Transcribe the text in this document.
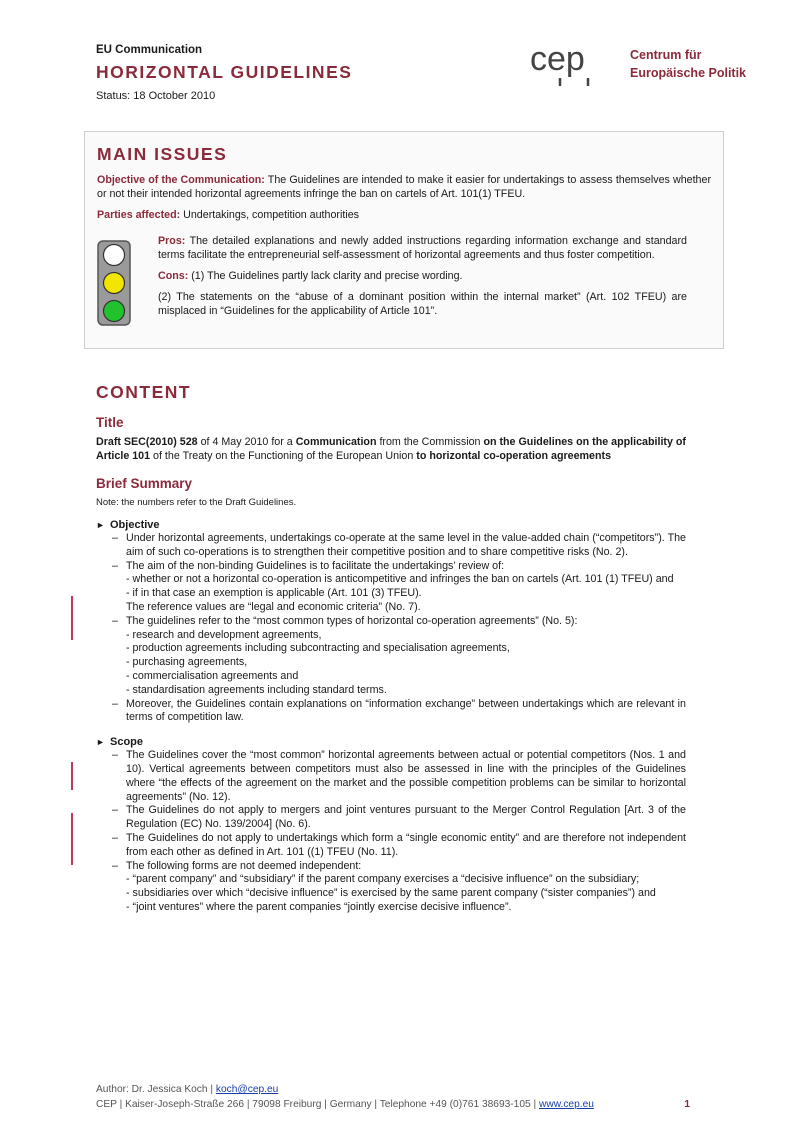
EU Communication
HORIZONTAL GUIDELINES
Status: 18 October 2010
cep	Centrum für
Europäische Politik
MAIN ISSUES

Objective of the Communication: The Guidelines are intended to make it easier for undertakings to assess themselves whether or not their intended horizontal agreements infringe the ban on cartels of Art. 101(1) TFEU.

Parties affected: Undertakings, competition authorities

Pros: The detailed explanations and newly added instructions regarding information exchange and standard terms facilitate the entrepreneurial self-assessment of horizontal agreements and thus foster competition.

Cons: (1) The Guidelines partly lack clarity and precise wording.

(2) The statements on the “abuse of a dominant position within the internal market” (Art. 102 TFEU) are misplaced in “Guidelines for the applicability of Article 101”.

CONTENT
Title

Draft SEC(2010) 528 of 4 May 2010 for a Communication from the Commission on the Guidelines on the applicability of Article 101 of the Treaty on the Functioning of the European Union to horizontal co-operation agreements

Brief Summary
Note: the numbers refer to the Draft Guidelines.
► Objective
– Under horizontal agreements, undertakings co-operate at the same level in the value-added chain (“competitors”). The aim of such co-operations is to strengthen their competitive position and to share competitive risks (No. 2).
– The aim of the non-binding Guidelines is to facilitate the undertakings’ review of:
- whether or not a horizontal co-operation is anticompetitive and infringes the ban on cartels (Art. 101 (1) TFEU) and
- if in that case an exemption is applicable (Art. 101 (3) TFEU).
The reference values are “legal and economic criteria” (No. 7).
– The guidelines refer to the “most common types of horizontal co-operation agreements” (No. 5):
- research and development agreements,
- production agreements including subcontracting and specialisation agreements,
- purchasing agreements,
- commercialisation agreements and
- standardisation agreements including standard terms.
– Moreover, the Guidelines contain explanations on “information exchange” between undertakings which are relevant in terms of competition law.
► Scope
– The Guidelines cover the “most common” horizontal agreements between actual or potential competitors (Nos. 1 and 10). Vertical agreements between competitors must also be assessed in line with the principles of the Guidelines where “the effects of the agreement on the market and the possible competition problems can be similar to horizontal agreements” (No. 12).
– The Guidelines do not apply to mergers and joint ventures pursuant to the Merger Control Regulation [Art. 3 of the Regulation (EC) No. 139/2004] (No. 6).
– The Guidelines do not apply to undertakings which form a “single economic entity” and are therefore not independent from each other as defined in Art. 101 ((1) TFEU (No. 11).
– The following forms are not deemed independent:
- “parent company” and “subsidiary” if the parent company exercises a “decisive influence” on the subsidiary;
- subsidiaries over which “decisive influence” is exercised by the same parent company (“sister companies”) and
- “joint ventures” where the parent companies “jointly exercise decisive influence”.
Author: Dr. Jessica Koch | koch@cep.eu
CEP | Kaiser-Joseph-Straße 266 | 79098 Freiburg | Germany | Telephone +49 (0)761 38693-105 | www.cep.eu	1
